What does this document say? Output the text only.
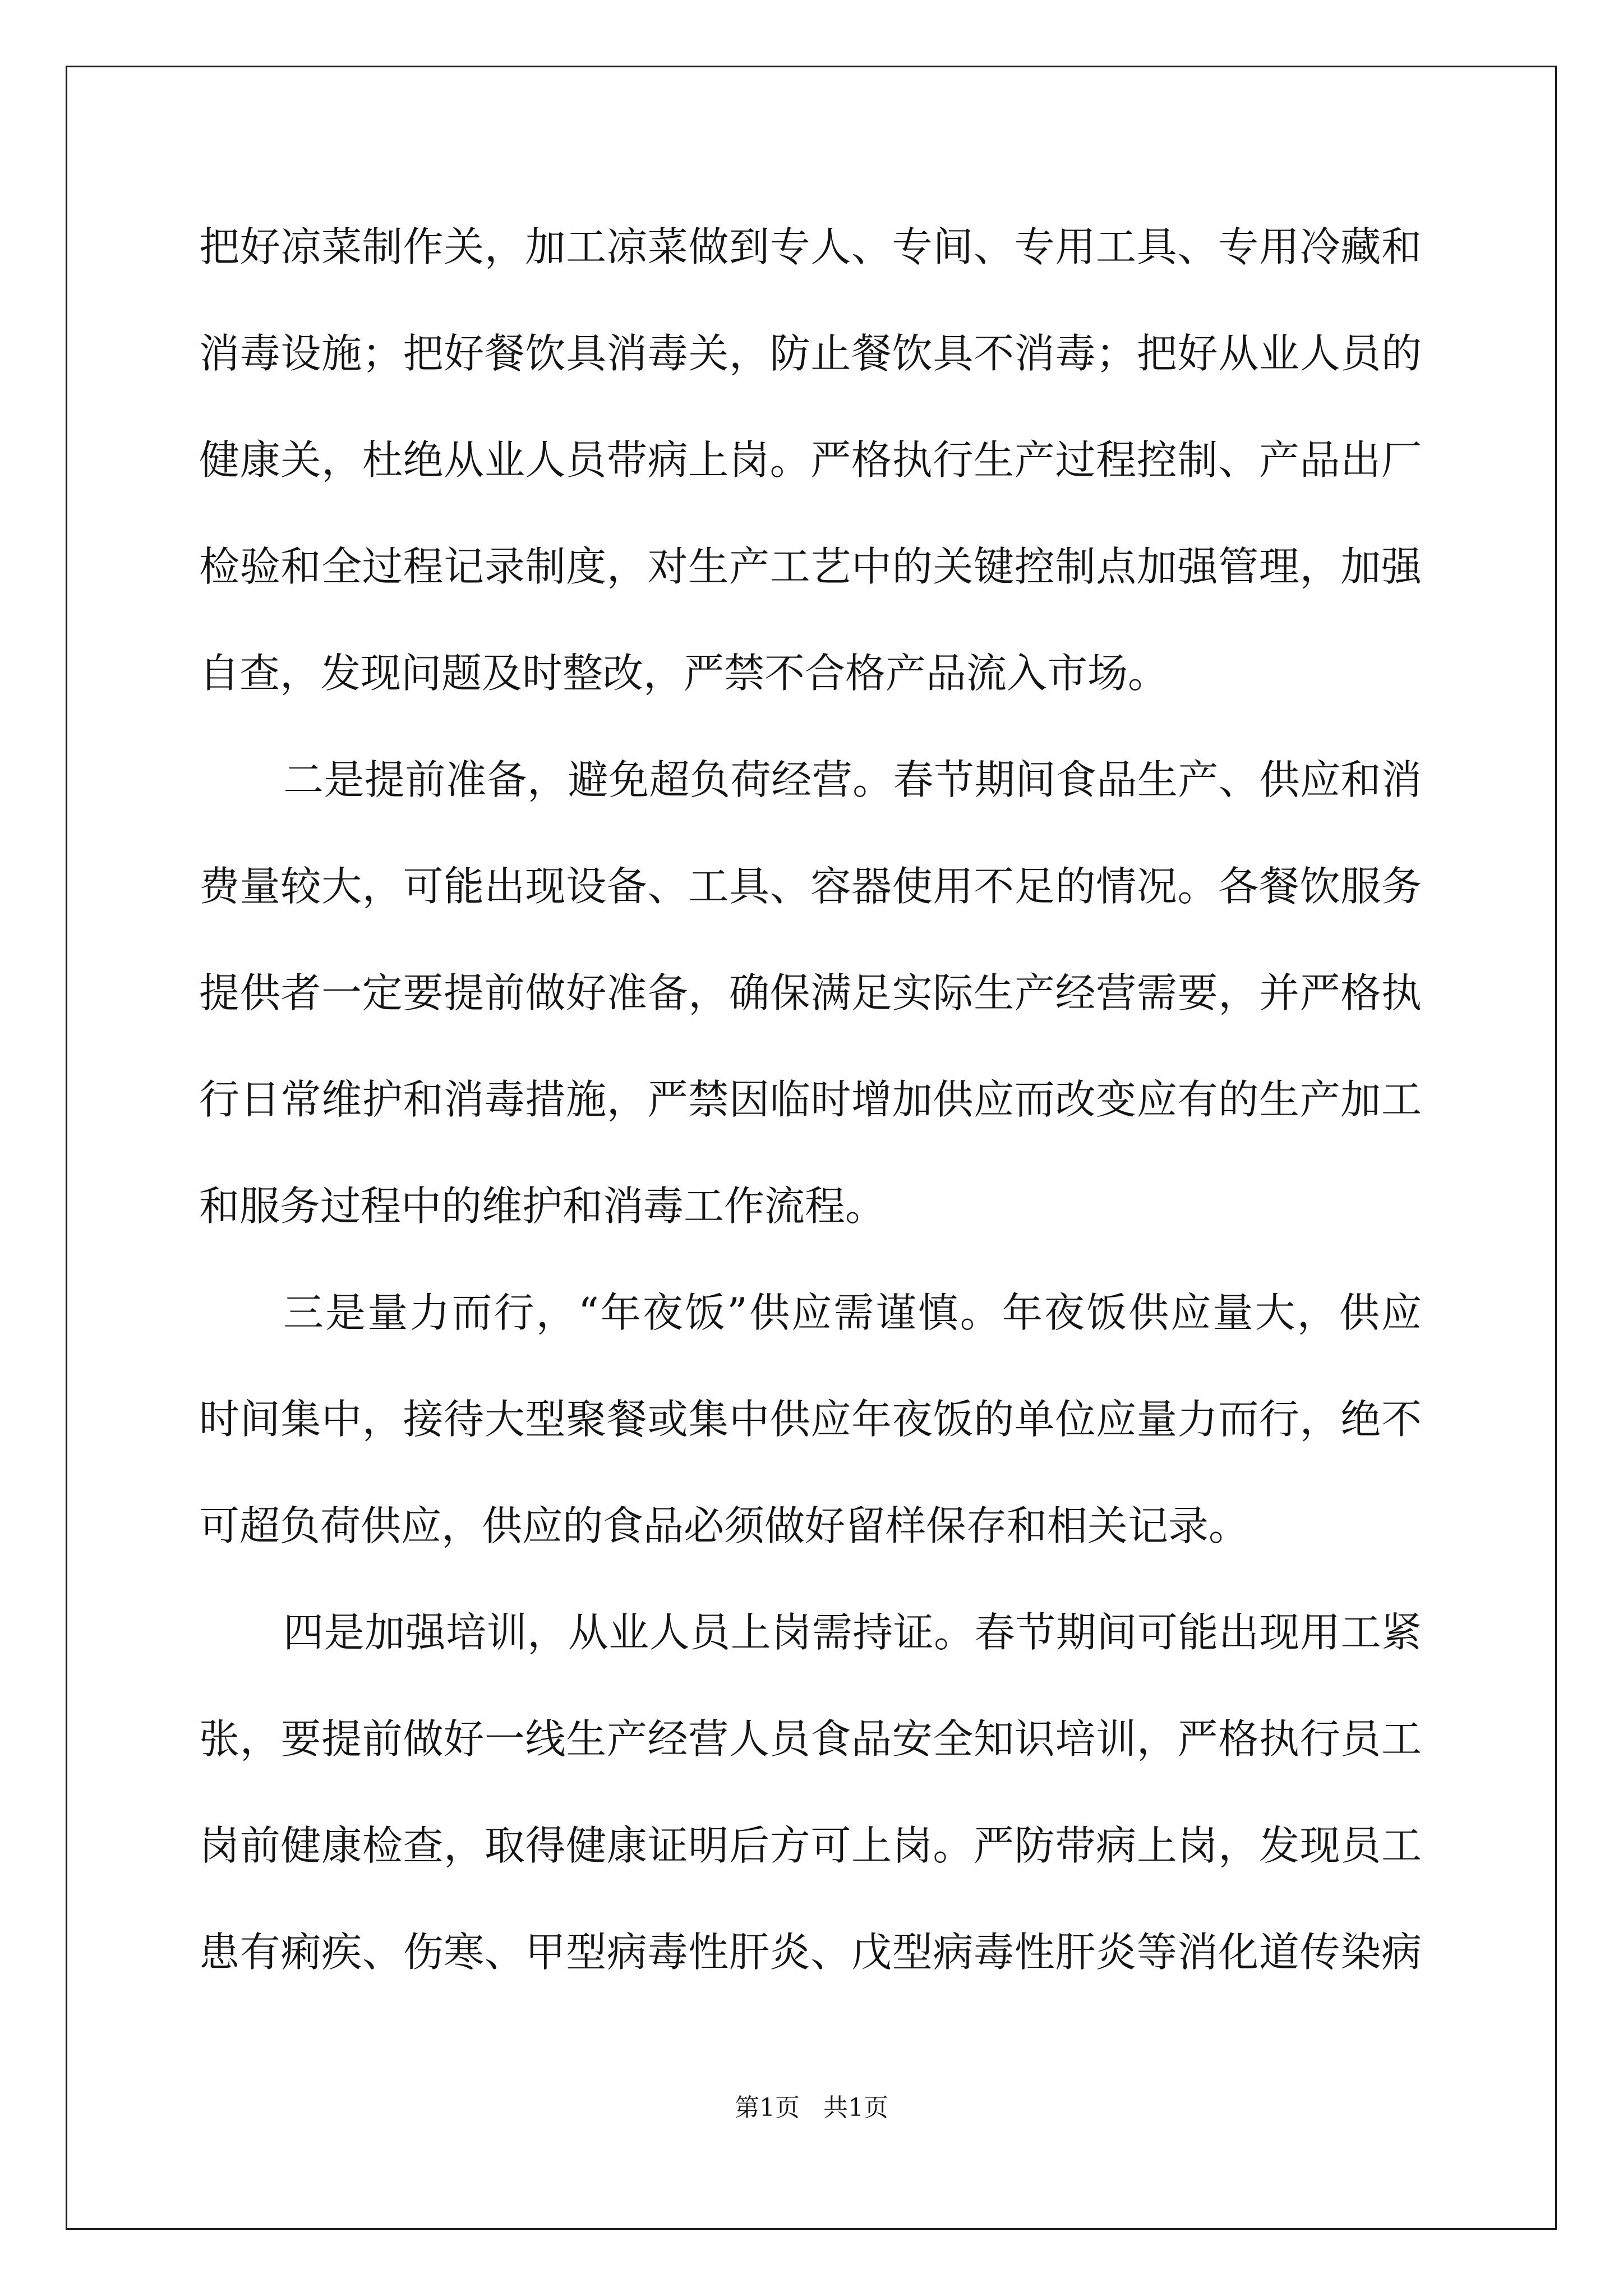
把好凉菜制作关，加工凉菜做到专人、专间、专用工具、专用冷藏和
消毒设施；把好餐饮具消毒关，防止餐饮具不消毒；把好从业人员的
健康关，杜绝从业人员带病上岗。严格执行生产过程控制、产品出厂
检验和全过程记录制度，对生产工艺中的关键控制点加强管理，加强
自查，发现问题及时整改，严禁不合格产品流入市场。
二是提前准备，避免超负荷经营。春节期间食品生产、供应和消
费量较大，可能出现设备、工具、容器使用不足的情况。各餐饮服务
提供者一定要提前做好准备，确保满足实际生产经营需要，并严格执
行日常维护和消毒措施，严禁因临时增加供应而改变应有的生产加工
和服务过程中的维护和消毒工作流程。
三是量力而行，“年夜饭”供应需谨慎。年夜饭供应量大，供应
时间集中，接待大型聚餐或集中供应年夜饭的单位应量力而行，绝不
可超负荷供应，供应的食品必须做好留样保存和相关记录。
四是加强培训，从业人员上岗需持证。春节期间可能出现用工紧
张，要提前做好一线生产经营人员食品安全知识培训，严格执行员工
岗前健康检查，取得健康证明后方可上岗。严防带病上岗，发现员工
患有痢疾、伤寒、甲型病毒性肝炎、戊型病毒性肝炎等消化道传染病
第1页 共1页
